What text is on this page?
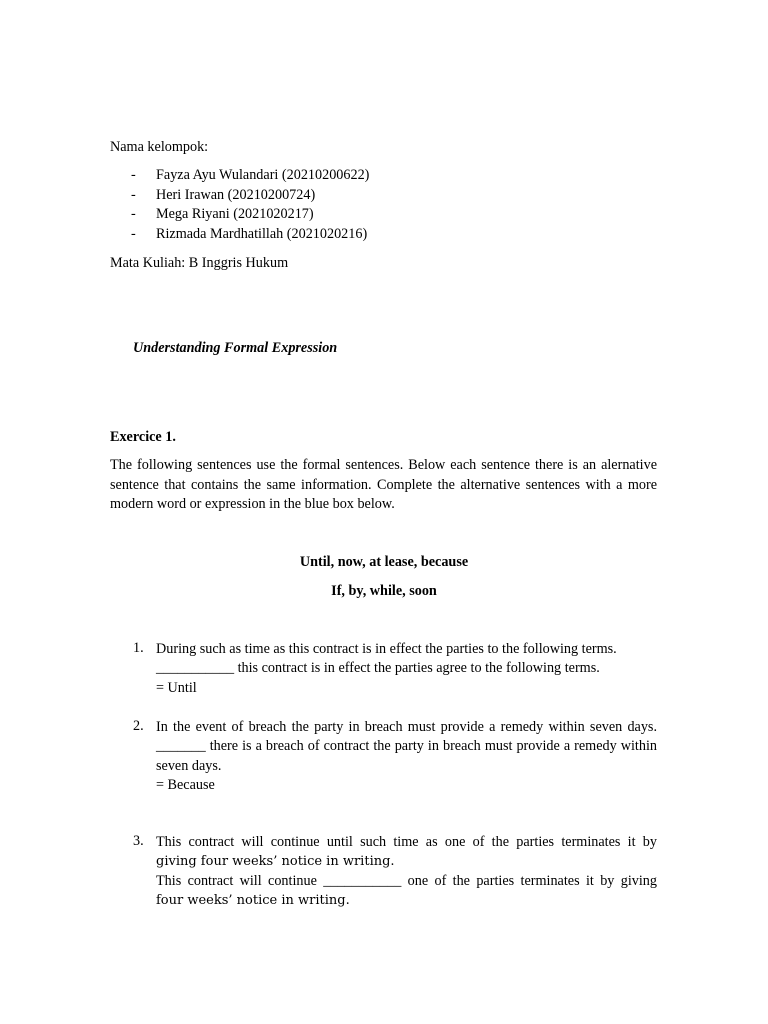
Nama kelompok:

- Fayza Ayu Wulandari (20210200622)
- Heri Irawan (20210200724)
- Mega Riyani (2021020217)
- Rizmada Mardhatillah (2021020216)

Mata Kuliah: B Inggris Hukum

Understanding Formal Expression

Exercice 1.

The following sentences use the formal sentences. Below each sentence there is an alernative sentence that contains the same information. Complete the alternative sentences with a more modern word or expression in the blue box below.

Until, now, at lease, because

If, by, while, soon

1. During such as time as this contract is in effect the parties to the following terms.
___________ this contract is in effect the parties agree to the following terms.
= Until
2. In the event of breach the party in breach must provide a remedy within seven days.
_______ there is a breach of contract the party in breach must provide a remedy within seven days.
= Because
3. This contract will continue until such time as one of the parties terminates it by
giving four weeks’ notice in writing.
This contract will continue ___________ one of the parties terminates it by giving
four weeks’ notice in writing.
